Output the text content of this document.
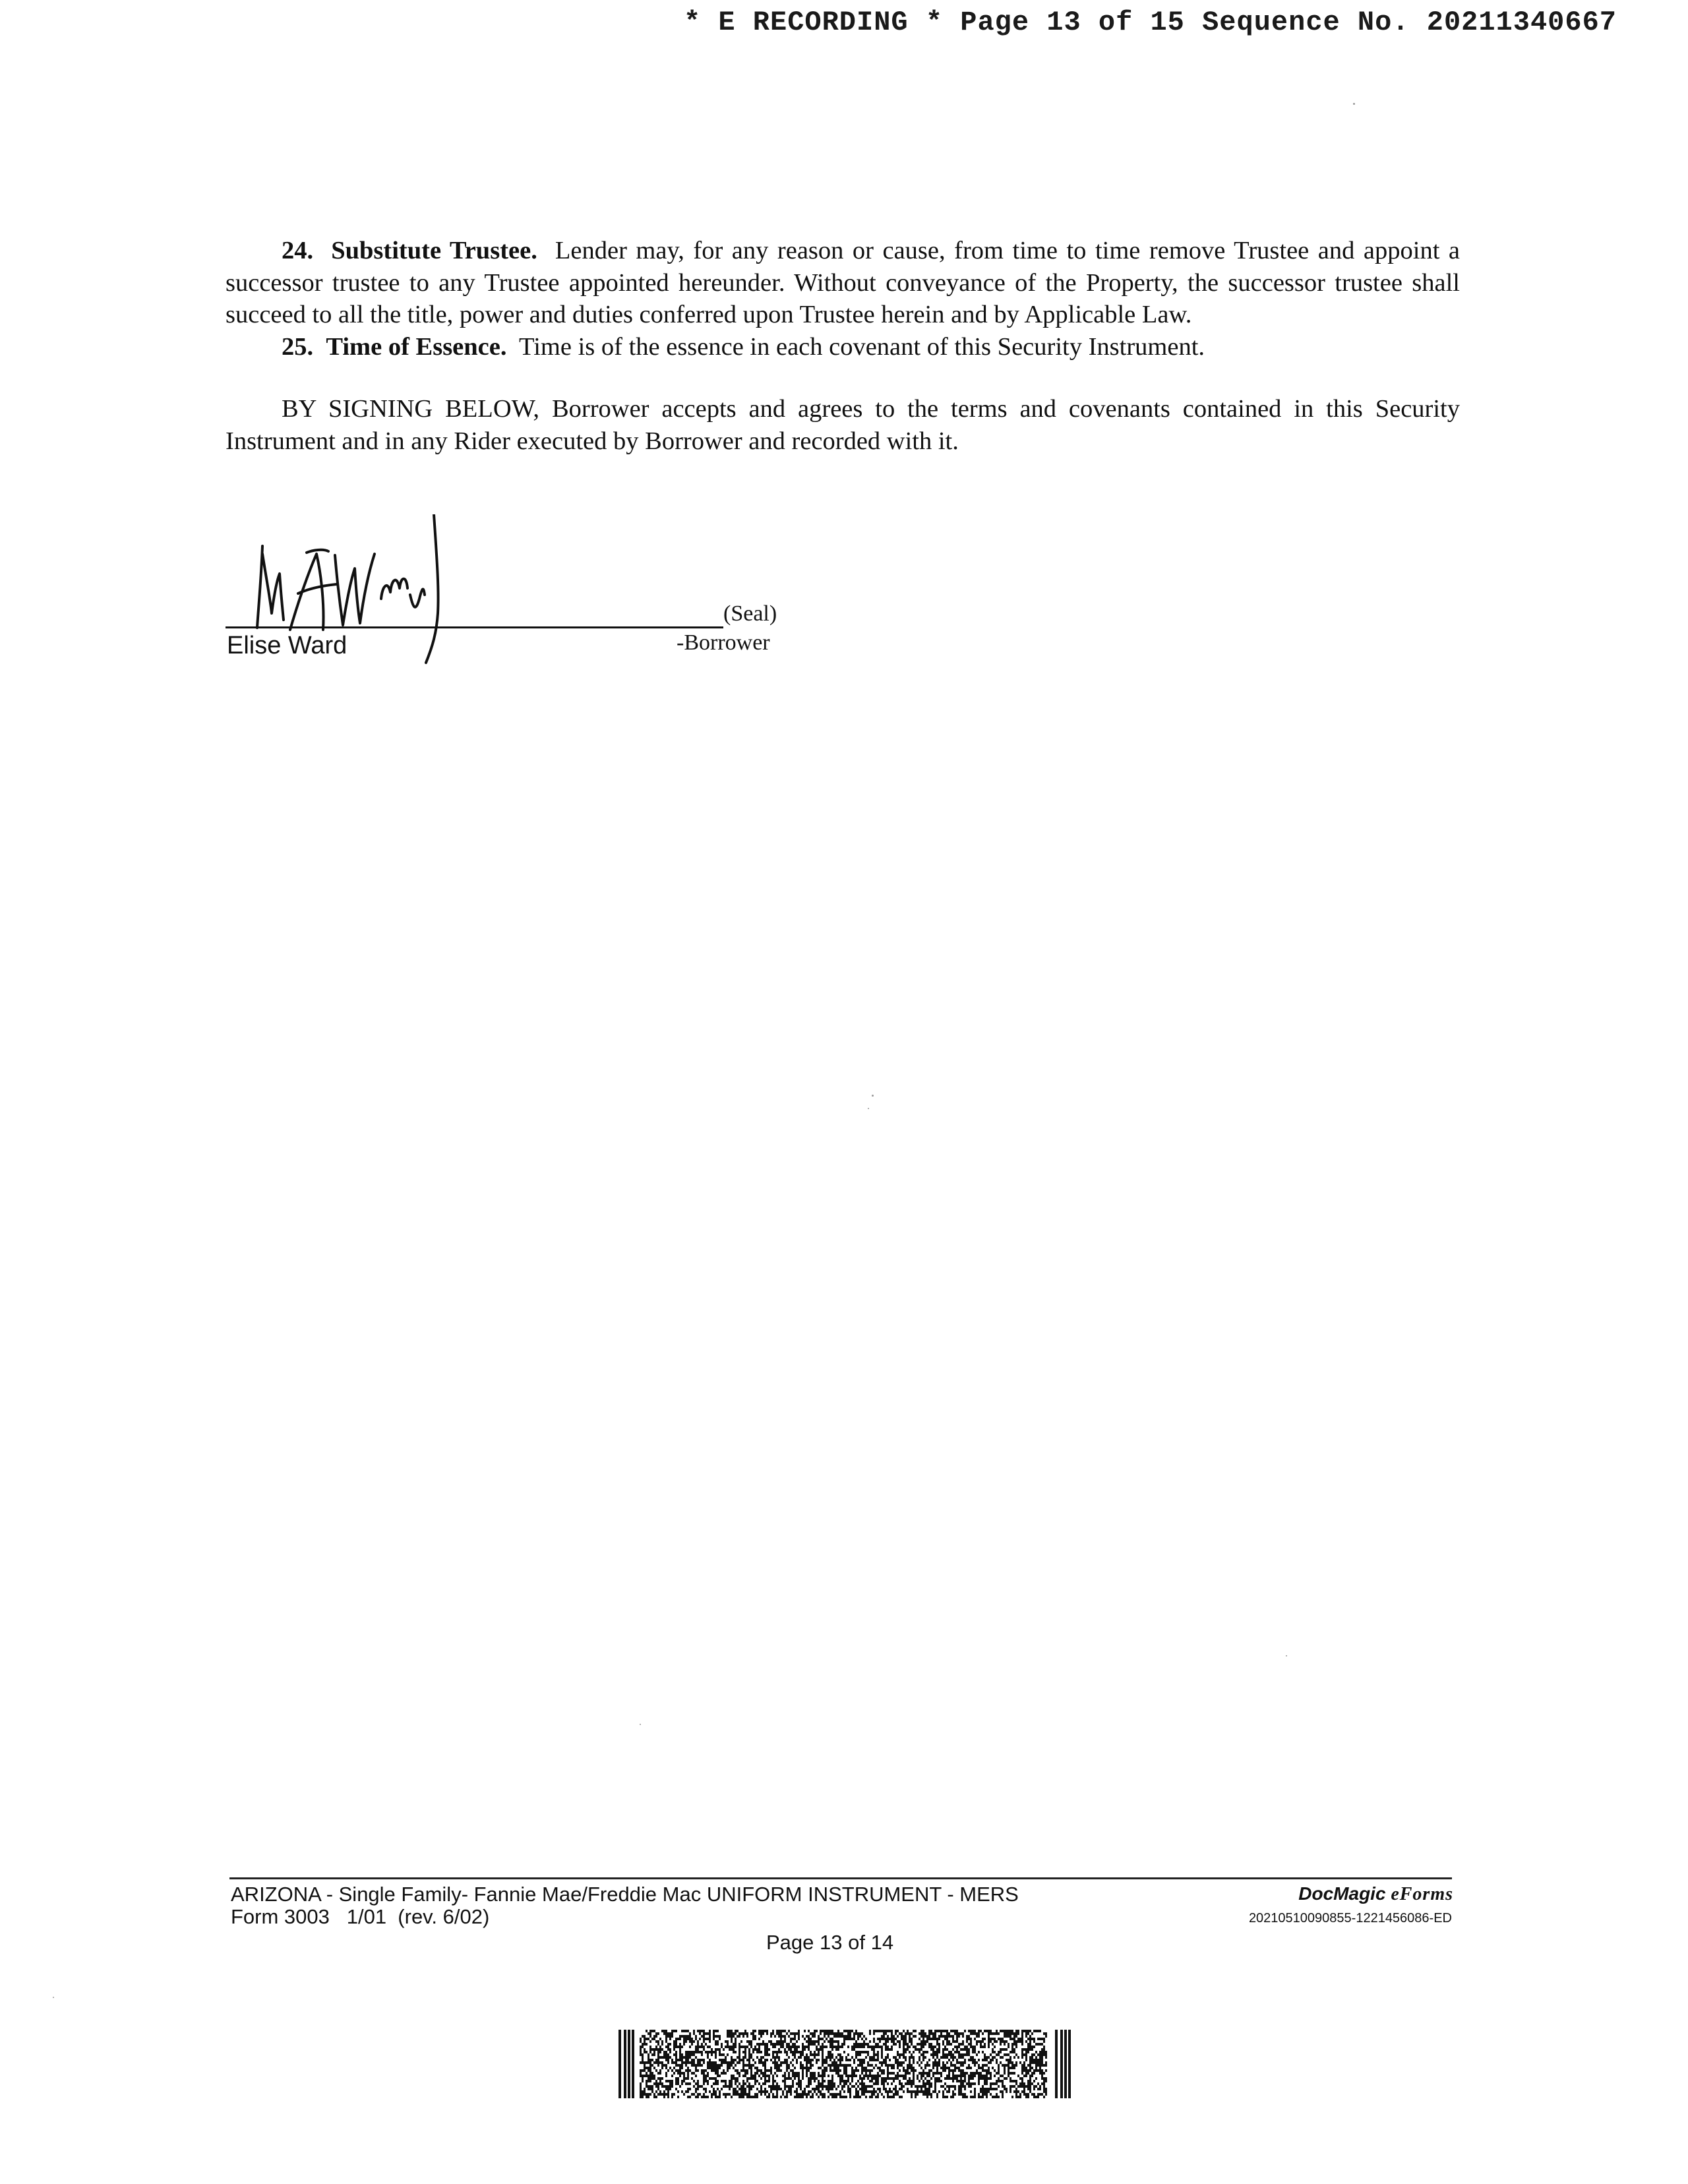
* E RECORDING * Page 13 of 15 Sequence No. 20211340667

24. Substitute Trustee. Lender may, for any reason or cause, from time to time remove Trustee and appoint a successor trustee to any Trustee appointed hereunder. Without conveyance of the Property, the successor trustee shall succeed to all the title, power and duties conferred upon Trustee herein and by Applicable Law.

25. Time of Essence. Time is of the essence in each covenant of this Security Instrument.

BY SIGNING BELOW, Borrower accepts and agrees to the terms and covenants contained in this Security Instrument and in any Rider executed by Borrower and recorded with it.

Elise Ward
(Seal)
-Borrower
ARIZONA - Single Family- Fannie Mae/Freddie Mac UNIFORM INSTRUMENT - MERS
Form 3003   1/01  (rev. 6/02)
DocMagic eForms
20210510090855-1221456086-ED
Page 13 of 14
